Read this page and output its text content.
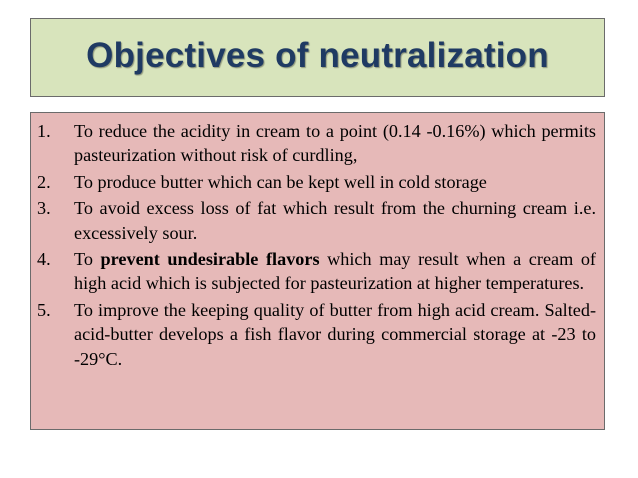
Objectives of neutralization
1.	To reduce the acidity in cream to a point (0.14 -0.16%) which permits pasteurization without risk of curdling,
2.	To produce butter which can be kept well in cold storage
3.	To avoid excess loss of fat which result from the churning cream i.e. excessively sour.
4.	To prevent undesirable flavors which may result when a cream of high acid which is subjected for pasteurization at higher temperatures.
5.	To improve the keeping quality of butter from high acid cream. Salted-acid-butter develops a fish flavor during commercial storage at -23 to -29°C.
